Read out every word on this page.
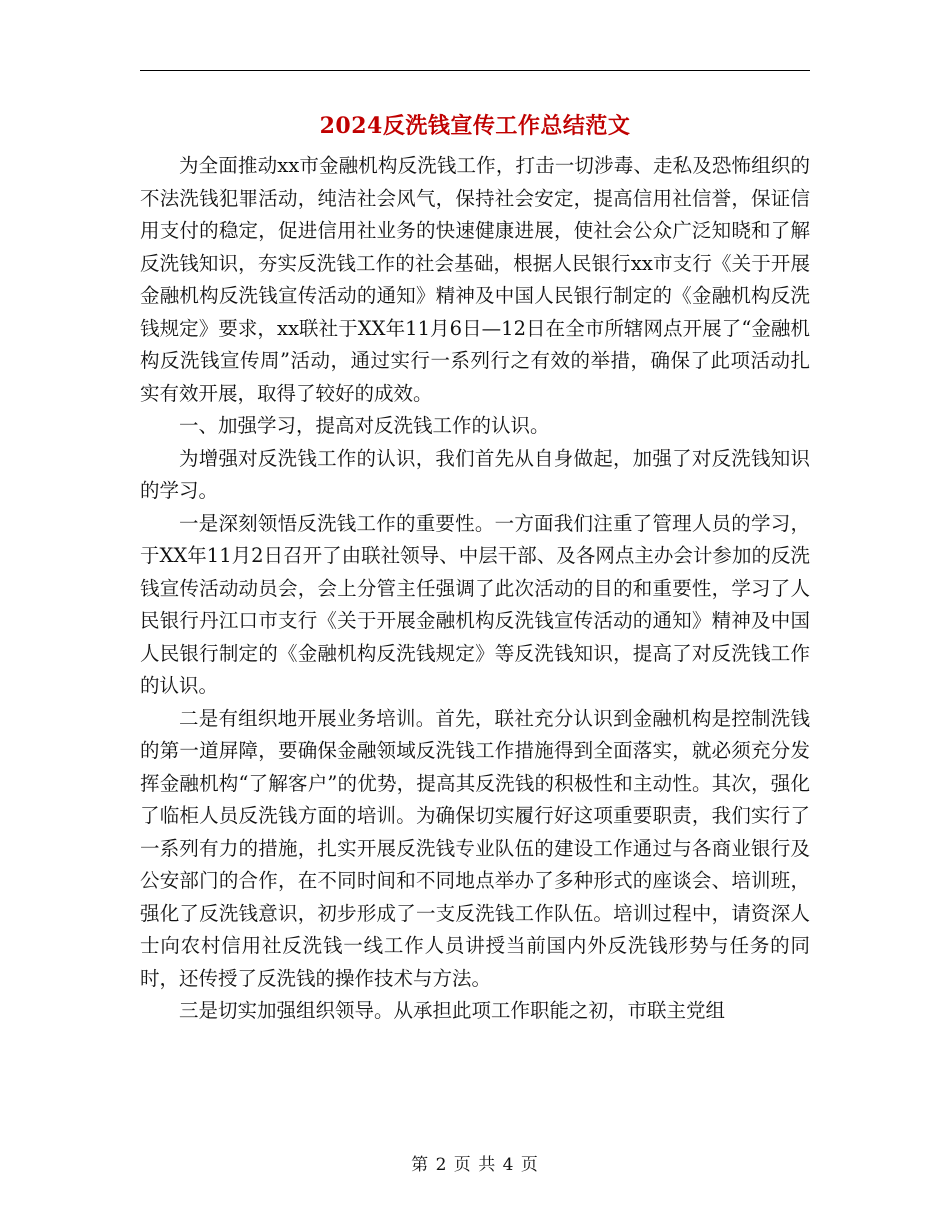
2024反洗钱宣传工作总结范文

为全面推动xx市金融机构反洗钱工作，打击一切涉毒、走私及恐怖组织的不法洗钱犯罪活动，纯洁社会风气，保持社会安定，提高信用社信誉，保证信用支付的稳定，促进信用社业务的快速健康进展，使社会公众广泛知晓和了解反洗钱知识，夯实反洗钱工作的社会基础，根据人民银行xx市支行《关于开展金融机构反洗钱宣传活动的通知》精神及中国人民银行制定的《金融机构反洗钱规定》要求，xx联社于XX年11月6日—12日在全市所辖网点开展了“金融机构反洗钱宣传周”活动，通过实行一系列行之有效的举措，确保了此项活动扎实有效开展，取得了较好的成效。

一、加强学习，提高对反洗钱工作的认识。

为增强对反洗钱工作的认识，我们首先从自身做起，加强了对反洗钱知识的学习。

一是深刻领悟反洗钱工作的重要性。一方面我们注重了管理人员的学习，于XX年11月2日召开了由联社领导、中层干部、及各网点主办会计参加的反洗钱宣传活动动员会，会上分管主任强调了此次活动的目的和重要性，学习了人民银行丹江口市支行《关于开展金融机构反洗钱宣传活动的通知》精神及中国人民银行制定的《金融机构反洗钱规定》等反洗钱知识，提高了对反洗钱工作的认识。

二是有组织地开展业务培训。首先，联社充分认识到金融机构是控制洗钱的第一道屏障，要确保金融领域反洗钱工作措施得到全面落实，就必须充分发挥金融机构“了解客户”的优势，提高其反洗钱的积极性和主动性。其次，强化了临柜人员反洗钱方面的培训。为确保切实履行好这项重要职责，我们实行了一系列有力的措施，扎实开展反洗钱专业队伍的建设工作通过与各商业银行及公安部门的合作，在不同时间和不同地点举办了多种形式的座谈会、培训班，强化了反洗钱意识，初步形成了一支反洗钱工作队伍。培训过程中，请资深人士向农村信用社反洗钱一线工作人员讲授当前国内外反洗钱形势与任务的同时，还传授了反洗钱的操作技术与方法。

三是切实加强组织领导。从承担此项工作职能之初，市联主党组

第 2 页 共 4 页
